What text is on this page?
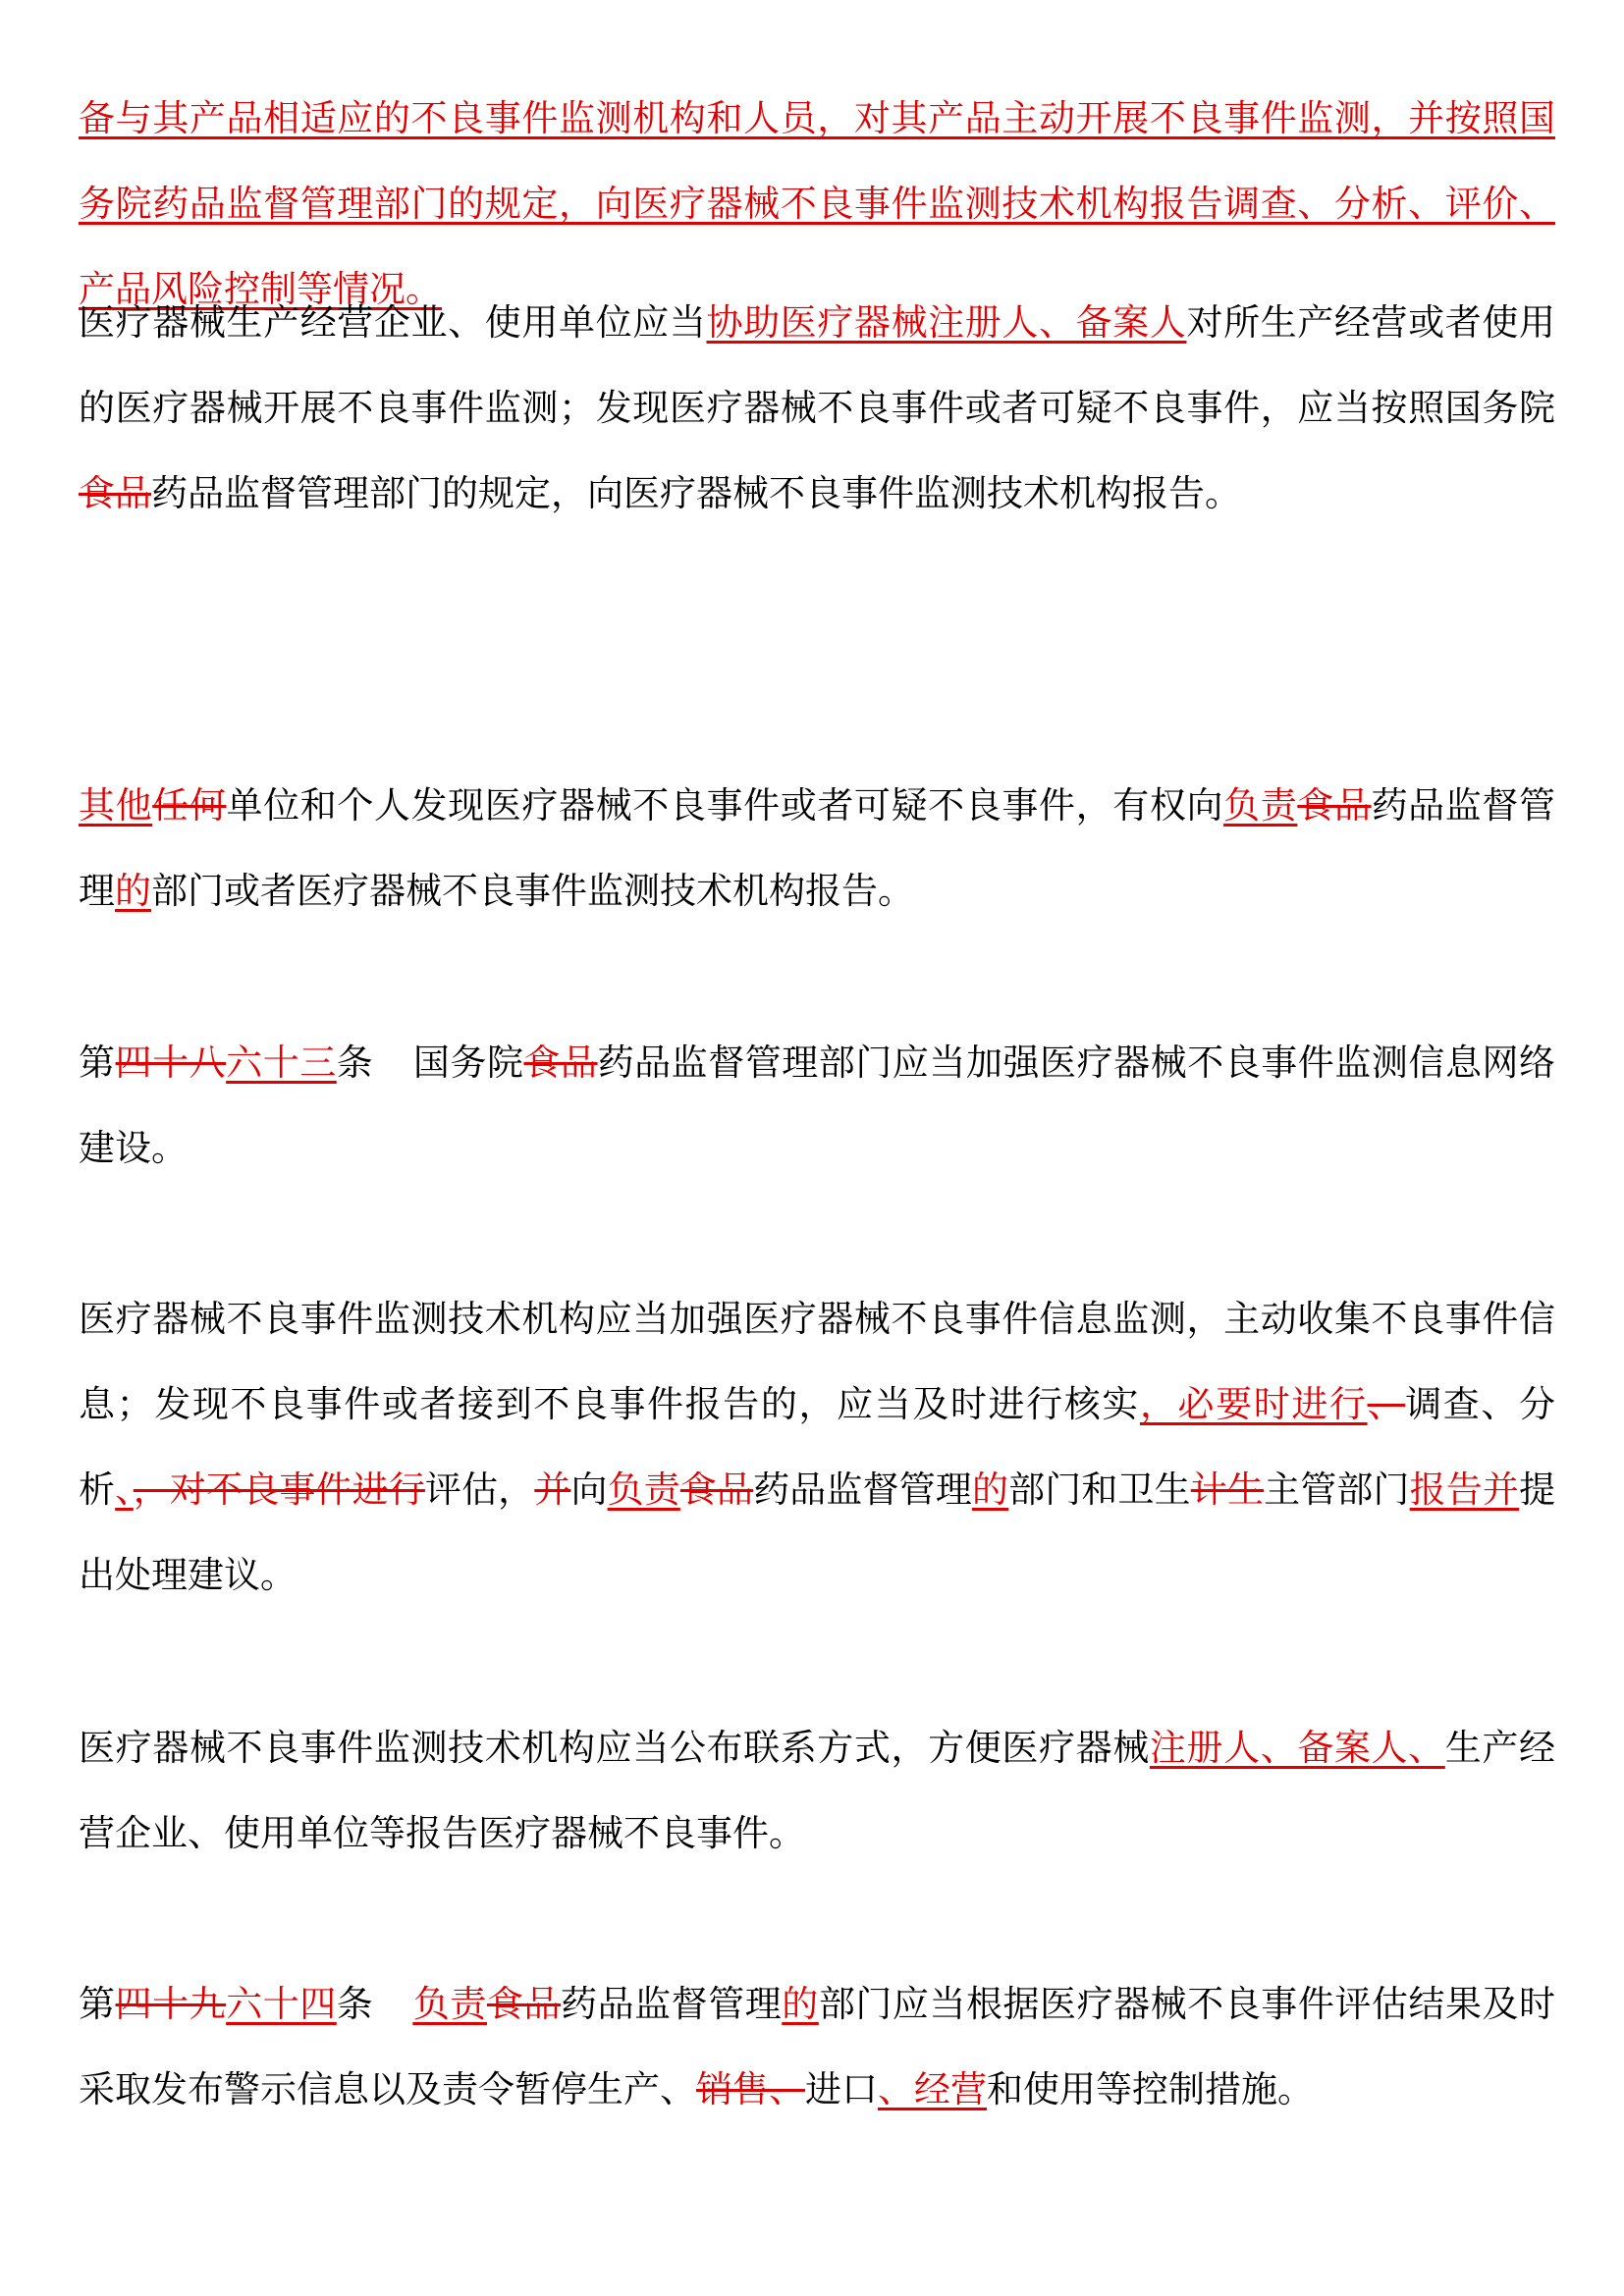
备与其产品相适应的不良事件监测机构和人员，对其产品主动开展不良事件监测，并按照国务院药品监督管理部门的规定，向医疗器械不良事件监测技术机构报告调查、分析、评价、产品风险控制等情况。

医疗器械生产经营企业、使用单位应当协助医疗器械注册人、备案人对所生产经营或者使用的医疗器械开展不良事件监测；发现医疗器械不良事件或者可疑不良事件，应当按照国务院食品药品监督管理部门的规定，向医疗器械不良事件监测技术机构报告。

其他任何单位和个人发现医疗器械不良事件或者可疑不良事件，有权向负责食品药品监督管理的部门或者医疗器械不良事件监测技术机构报告。

第四十八六十三条 国务院食品药品监督管理部门应当加强医疗器械不良事件监测信息网络建设。

医疗器械不良事件监测技术机构应当加强医疗器械不良事件信息监测，主动收集不良事件信息；发现不良事件或者接到不良事件报告的，应当及时进行核实，必要时进行、调查、分析、，对不良事件进行评估，并向负责食品药品监督管理的部门和卫生计生主管部门报告并提出处理建议。

医疗器械不良事件监测技术机构应当公布联系方式，方便医疗器械注册人、备案人、生产经营企业、使用单位等报告医疗器械不良事件。

第四十九六十四条 负责食品药品监督管理的部门应当根据医疗器械不良事件评估结果及时采取发布警示信息以及责令暂停生产、销售、进口、经营和使用等控制措施。
